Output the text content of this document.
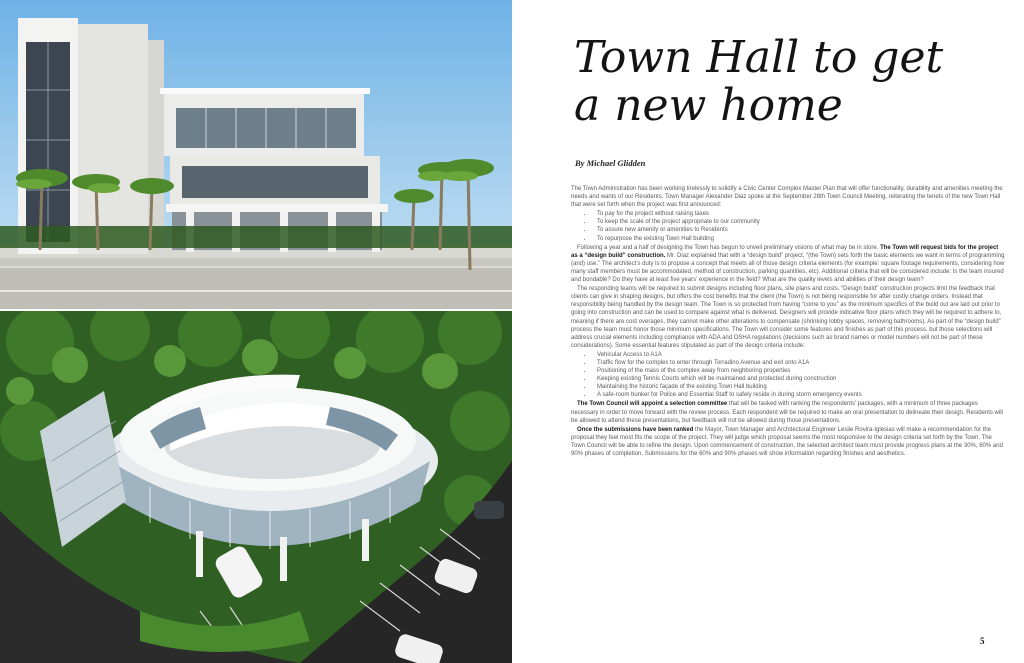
Town Hall to get
a new home
By Michael Glidden

The Town Administration has been working tirelessly to solidify a Civic Center Complex Master Plan that will offer functionality, durability and amenities meeting the needs and wants of our Residents. Town Manager Alexander Diaz spoke at the September 28th Town Council Meeting, reiterating the tenets of the new Town Hall that were set forth when the project was first announced:

• To pay for the project without raising taxes
• To keep the scale of the project appropriate to our community
• To assure new amenity or amenities to Residents
• To repurpose the existing Town Hall building

Following a year and a half of designing the Town has begun to unveil preliminary visions of what may be in store. The Town will request bids for the project as a “design build” construction. Mr. Diaz explained that with a “design build” project, “(the Town) sets forth the basic elements we want in terms of programming (and) use.” The architect’s duty is to propose a concept that meets all of those design criteria elements (for example: square footage requirements, considering how many staff members must be accommodated, method of construction, parking quantities, etc). Additional criteria that will be considered include: Is the team insured and bondable? Do they have at least five years’ experience in the field? What are the quality levels and abilities of their design team?

The responding teams will be required to submit designs including floor plans, site plans and costs. “Design build” construction projects limit the feedback that clients can give in shaping designs, but offers the cost benefits that the client (the Town) is not being responsible for after costly change orders. Instead that responsibility being handled by the design team. The Town is so protected from having “come to you” as the minimum specifics of the build out are laid out prior to going into construction and can be used to compare against what is delivered. Designers will provide indicative floor plans which they will be required to adhere to, meaning if there are cost overages, they cannot make other alterations to compensate (shrinking lobby spaces, removing bathrooms). As part of the “design build” process the team must honor those minimum specifications. The Town will consider some features and finishes as part of this process, but those selections will address crucial elements including compliance with ADA and OSHA regulations (decisions such as brand names or model numbers will not be part of these considerations). Some essential features stipulated as part of the design criteria include:

• Vehicular Access to A1A
• Traffic flow for the complex to enter through Torradino Avenue and exit onto A1A
• Positioning of the mass of the complex away from neighboring properties
• Keeping existing Tennis Courts which will be maintained and protected during construction
• Maintaining the historic façade of the existing Town Hall building
• A safe-room bunker for Police and Essential Staff to safely reside in during storm emergency events

The Town Council will appoint a selection committee that will be tasked with ranking the respondents’ packages, with a minimum of three packages necessary in order to move forward with the review process. Each respondent will be required to make an oral presentation to delineate their design. Residents will be allowed to attend these presentations, but feedback will not be allowed during those presentations.

Once the submissions have been ranked the Mayor, Town Manager and Architectural Engineer Leslie Rovira-Iglesias will make a recommendation for the proposal they feel most fits the scope of the project. They will judge which proposal seems the most responsive to the design criteria set forth by the Town. The Town Council will be able to refine the design. Upon commencement of construction, the selected architect team must provide progress plans at the 30%, 60% and 90% phases of completion. Submissions for the 60% and 90% phases will show information regarding finishes and aesthetics.

5
